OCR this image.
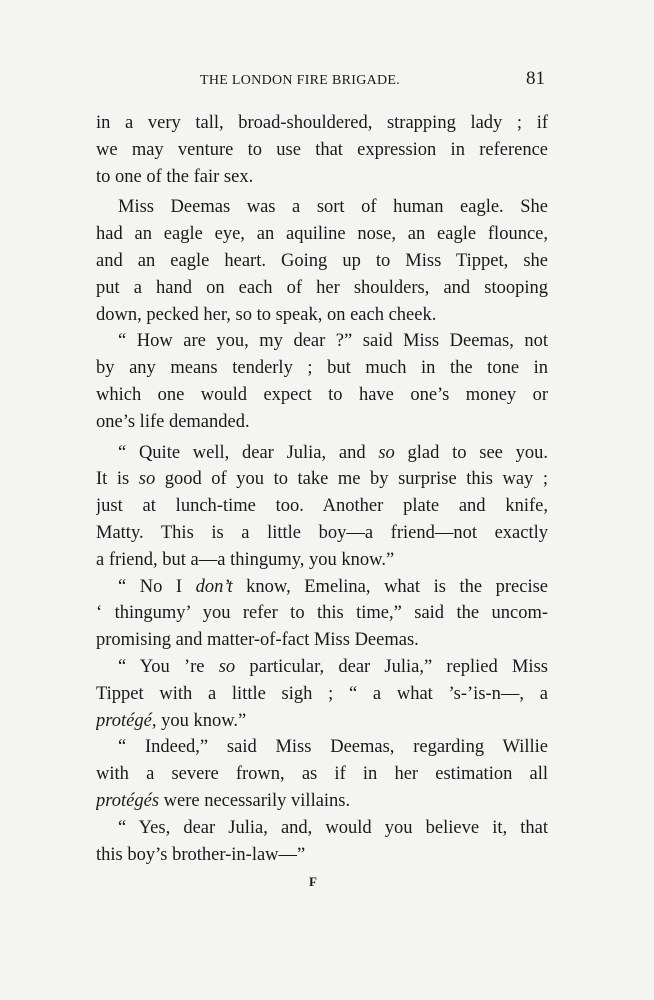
THE LONDON FIRE BRIGADE.	81
in a very tall, broad-shouldered, strapping lady ; if
we may venture to use that expression in reference
to one of the fair sex.
Miss Deemas was a sort of human eagle. She
had an eagle eye, an aquiline nose, an eagle flounce,
and an eagle heart. Going up to Miss Tippet, she
put a hand on each of her shoulders, and stooping
down, pecked her, so to speak, on each cheek.
“ How are you, my dear ?” said Miss Deemas, not
by any means tenderly ; but much in the tone in
which one would expect to have one’s money or
one’s life demanded.
“ Quite well, dear Julia, and so glad to see you.
It is so good of you to take me by surprise this way ;
just at lunch-time too. Another plate and knife,
Matty. This is a little boy—a friend—not exactly
a friend, but a—a thingumy, you know.”
“ No I don’t know, Emelina, what is the precise
‘ thingumy’ you refer to this time,” said the uncom-
promising and matter-of-fact Miss Deemas.
“ You ’re so particular, dear Julia,” replied Miss
Tippet with a little sigh ; “ a what ’s-’is-n—, a
protégé, you know.”
“ Indeed,” said Miss Deemas, regarding Willie
with a severe frown, as if in her estimation all
protégés were necessarily villains.
“ Yes, dear Julia, and, would you believe it, that
this boy’s brother-in-law—”
F
